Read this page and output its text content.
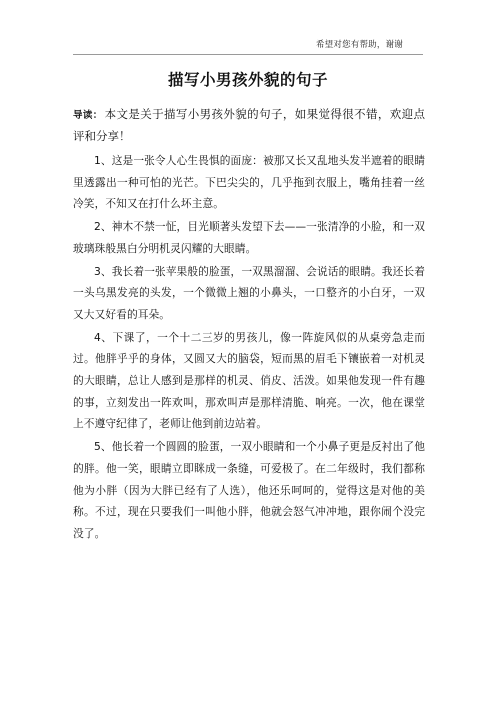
希望对您有帮助，谢谢
描写小男孩外貌的句子

导读： 本文是关于描写小男孩外貌的句子，如果觉得很不错，欢迎点评和分享！

1、这是一张令人心生畏惧的面庞：被那又长又乱地头发半遮着的眼睛里透露出一种可怕的光芒。下巴尖尖的，几乎拖到衣服上，嘴角挂着一丝冷笑，不知又在打什么坏主意。

2、神木不禁一怔，目光顺著头发望下去——一张清净的小脸，和一双玻璃珠般黑白分明机灵闪耀的大眼睛。

3、我长着一张苹果般的脸蛋，一双黑溜溜、会说话的眼睛。我还长着一头乌黑发亮的头发，一个微微上翘的小鼻头，一口整齐的小白牙，一双又大又好看的耳朵。

4、下课了，一个十二三岁的男孩儿，像一阵旋风似的从桌旁急走而过。他胖乎乎的身体，又圆又大的脑袋，短而黑的眉毛下镶嵌着一对机灵的大眼睛，总让人感到是那样的机灵、俏皮、活泼。如果他发现一件有趣的事，立刻发出一阵欢叫，那欢叫声是那样清脆、响亮。一次，他在课堂上不遵守纪律了，老师让他到前边站着。

5、他长着一个圆圆的脸蛋，一双小眼睛和一个小鼻子更是反衬出了他的胖。他一笑，眼睛立即眯成一条缝，可爱极了。在二年级时，我们都称他为小胖（因为大胖已经有了人选），他还乐呵呵的，觉得这是对他的美称。不过，现在只要我们一叫他小胖，他就会怒气冲冲地，跟你闹个没完没了。
